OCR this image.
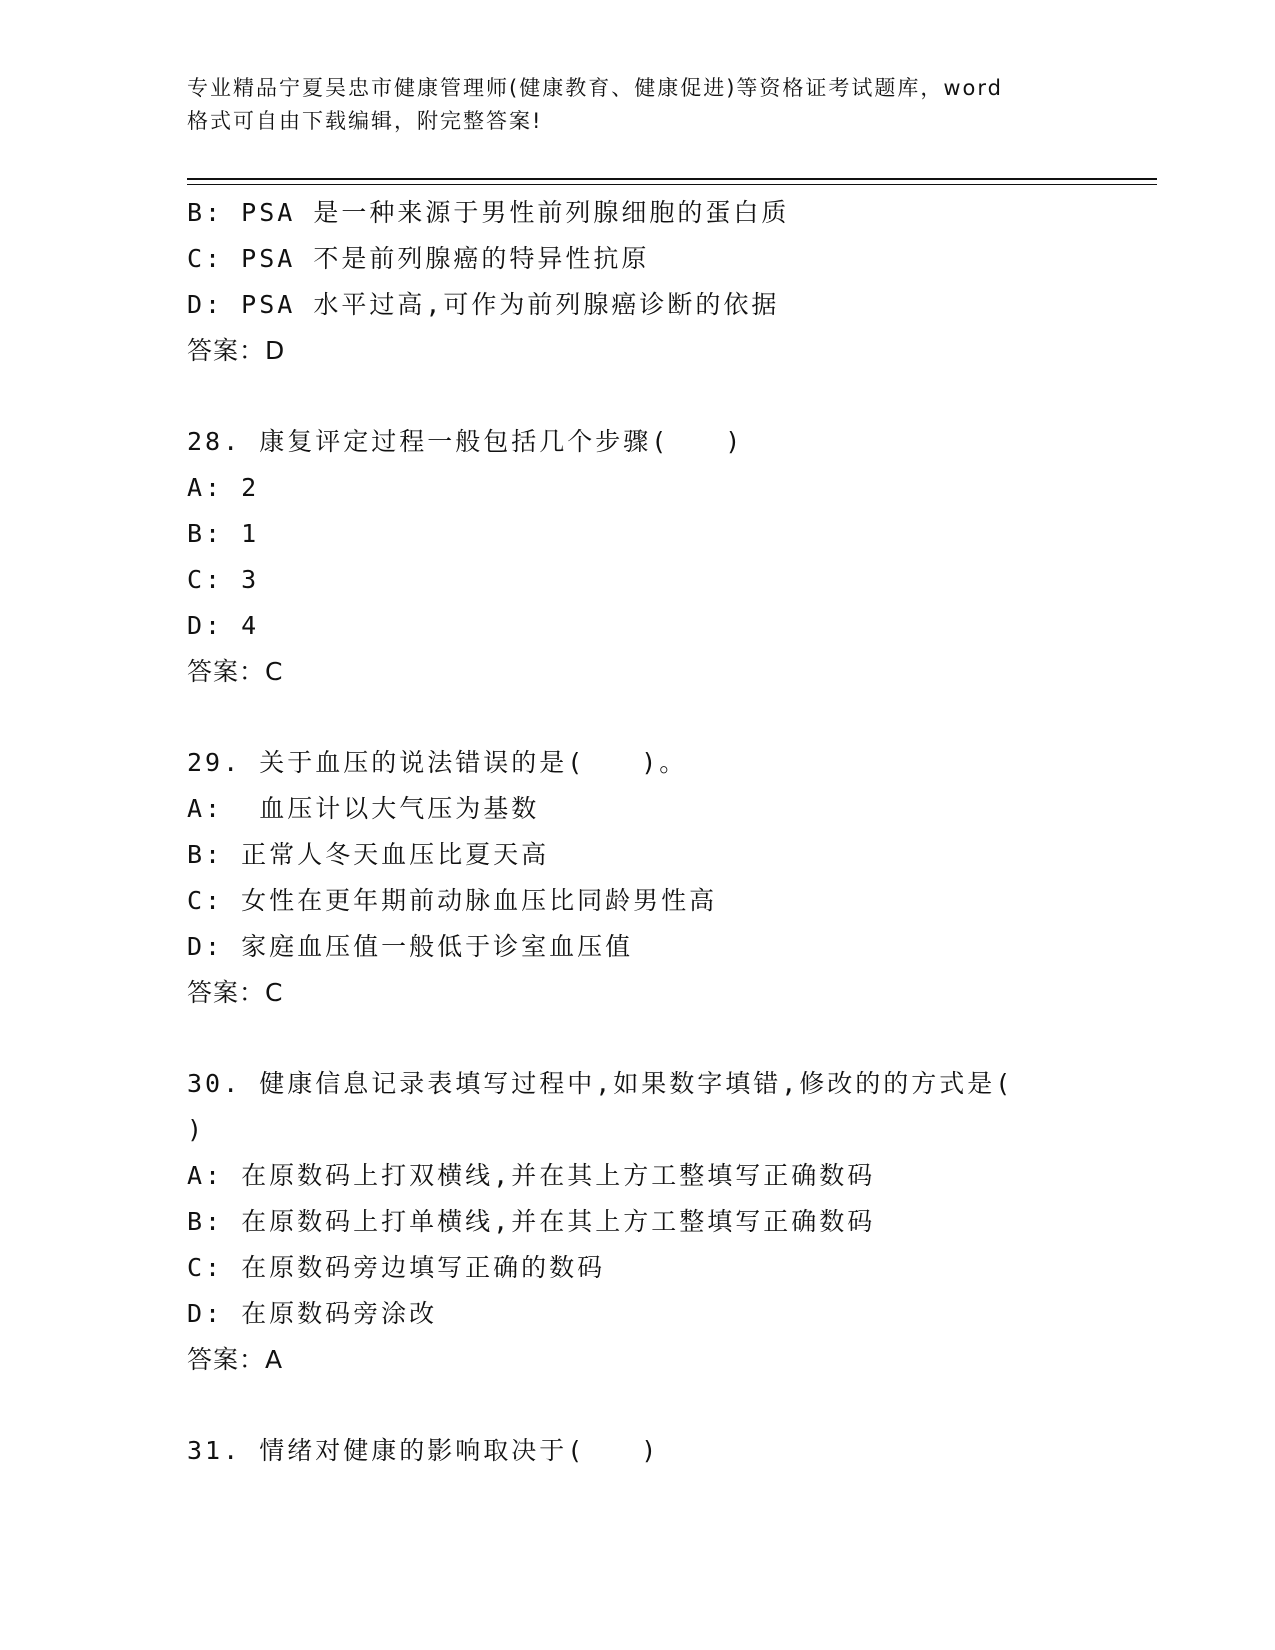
专业精品宁夏吴忠市健康管理师(健康教育、健康促进)等资格证考试题库，word
格式可自由下载编辑，附完整答案!
B: PSA 是一种来源于男性前列腺细胞的蛋白质
C: PSA 不是前列腺癌的特异性抗原
D: PSA 水平过高,可作为前列腺癌诊断的依据
答案：D
28. 康复评定过程一般包括几个步骤(　　)
A: 2
B: 1
C: 3
D: 4
答案：C
29. 关于血压的说法错误的是(　　)。
A:  血压计以大气压为基数
B: 正常人冬天血压比夏天高
C: 女性在更年期前动脉血压比同龄男性高
D: 家庭血压值一般低于诊室血压值
答案：C
30. 健康信息记录表填写过程中,如果数字填错,修改的的方式是(
)
A: 在原数码上打双横线,并在其上方工整填写正确数码
B: 在原数码上打单横线,并在其上方工整填写正确数码
C: 在原数码旁边填写正确的数码
D: 在原数码旁涂改
答案：A
31. 情绪对健康的影响取决于(　　)
